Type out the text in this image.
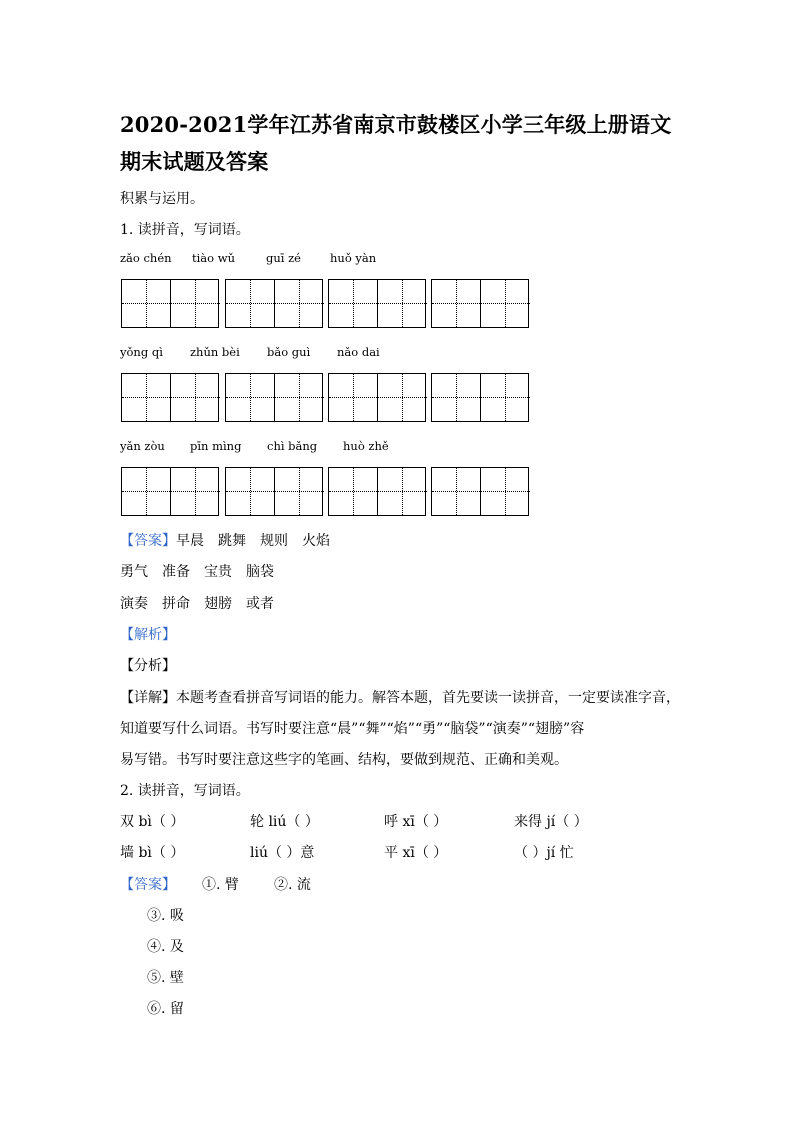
2020-2021学年江苏省南京市鼓楼区小学三年级上册语文期末试题及答案
积累与运用。
1. 读拼音，写词语。
zǎo chén tiào wǔ	guī zé	huǒ yàn
yǒng qì zhǔn bèi bǎo guì nǎo dai
yǎn zòu pīn mìng chì bǎng huò zhě
【答案】早晨 跳舞 规则 火焰
勇气 准备 宝贵 脑袋
演奏 拼命 翅膀 或者
【解析】
【分析】
【详解】本题考查看拼音写词语的能力。解答本题，首先要读一读拼音，一定要读准字音，
知道要写什么词语。书写时要注意“晨”“舞”“焰”“勇”“脑袋”“演奏”“翅膀”容
易写错。书写时要注意这些字的笔画、结构，要做到规范、正确和美观。
2. 读拼音，写词语。
双 bì（ ）	轮 liú（ ）	呼 xī（ ）	来得 jí（ ）
墙 bì（ ）	liú（ ）意	平 xī（ ）	（ ）jí 忙
【答案】 ①. 臂	②. 流
③. 吸
④. 及
⑤. 壁
⑥. 留
